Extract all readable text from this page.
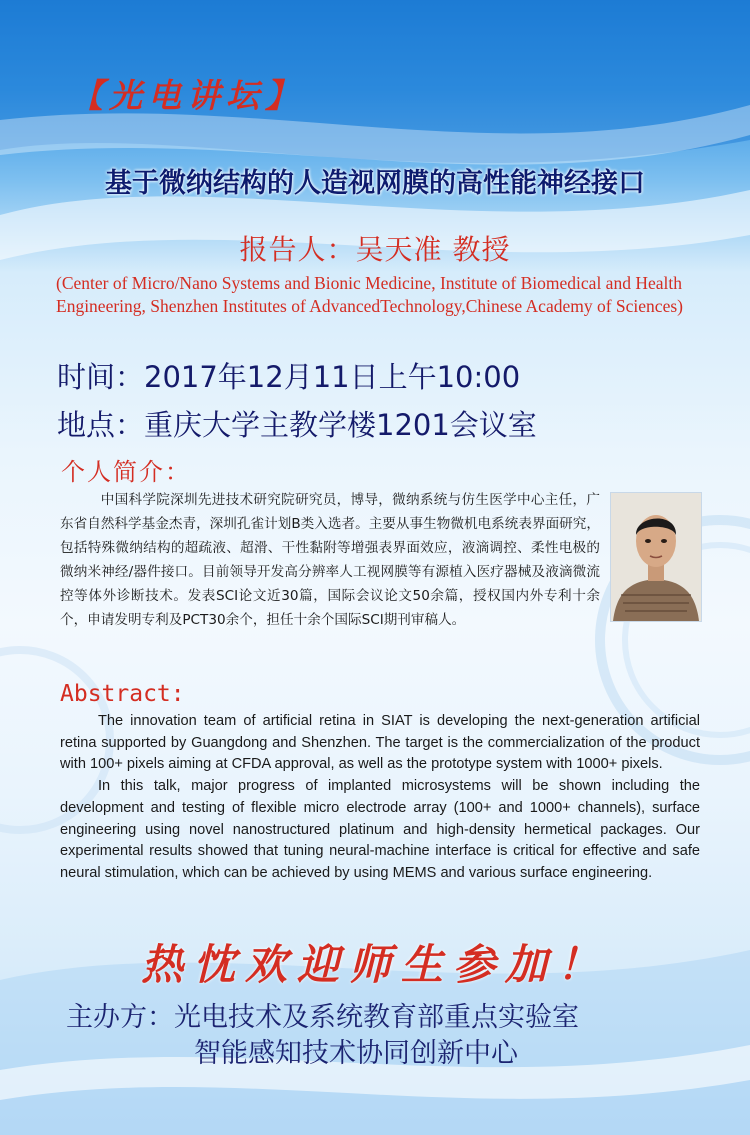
【光电讲坛】
基于微纳结构的人造视网膜的高性能神经接口
报告人：吴天准 教授
(Center of Micro/Nano Systems and Bionic Medicine, Institute of Biomedical and Health Engineering, Shenzhen Institutes of AdvancedTechnology,Chinese Academy of Sciences)
时间：2017年12月11日上午10:00
地点：重庆大学主教学楼1201会议室
个人简介：
中国科学院深圳先进技术研究院研究员，博导，微纳系统与仿生医学中心主任，广东省自然科学基金杰青，深圳孔雀计划B类入选者。主要从事生物微机电系统表界面研究，包括特殊微纳结构的超疏液、超滑、干性黏附等增强表界面效应，液滴调控、柔性电极的微纳米神经/器件接口。目前领导开发高分辨率人工视网膜等有源植入医疗器械及液滴微流控等体外诊断技术。发表SCI论文近30篇，国际会议论文50余篇，授权国内外专利十余个，申请发明专利及PCT30余个，担任十余个国际SCI期刊审稿人。
Abstract:

The innovation team of artificial retina in SIAT is developing the next-generation artificial retina supported by Guangdong and Shenzhen. The target is the commercialization of the product with 100+ pixels aiming at CFDA approval, as well as the prototype system with 1000+ pixels.

In this talk, major progress of implanted microsystems will be shown including the development and testing of flexible micro electrode array (100+ and 1000+ channels), surface engineering using novel nanostructured platinum and high-density hermetical packages. Our experimental results showed that tuning neural-machine interface is critical for effective and safe neural stimulation, which can be achieved by using MEMS and various surface engineering.

热忱欢迎师生参加！
主办方：光电技术及系统教育部重点实验室
智能感知技术协同创新中心
